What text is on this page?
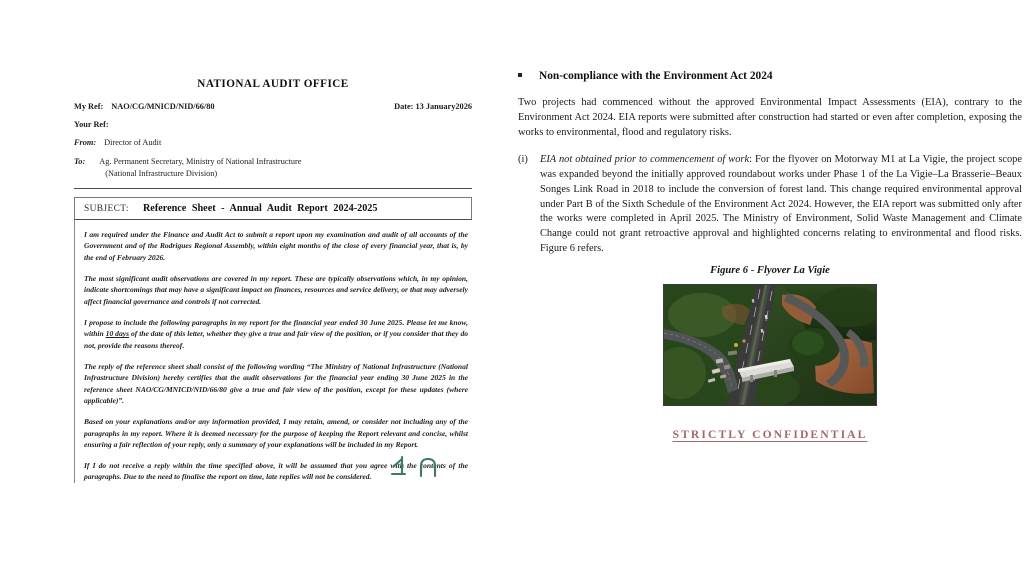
NATIONAL AUDIT OFFICE
My Ref: NAO/CG/MNICD/NID/66/80	Date: 13 January2026
Your Ref:
From: Director of Audit
To: Ag. Permanent Secretary, Ministry of National Infrastructure
(National Infrastructure Division)
SUBJECT: Reference Sheet - Annual Audit Report 2024-2025

I am required under the Finance and Audit Act to submit a report upon my examination and audit of all accounts of the Government and of the Rodrigues Regional Assembly, within eight months of the close of every financial year, that is, by the end of February 2026.

The most significant audit observations are covered in my report. These are typically observations which, in my opinion, indicate shortcomings that may have a significant impact on finances, resources and service delivery, or that may adversely affect financial governance and controls if not corrected.

I propose to include the following paragraphs in my report for the financial year ended 30 June 2025. Please let me know, within 10 days of the date of this letter, whether they give a true and fair view of the position, or if you consider that they do not, provide the reasons thereof.

The reply of the reference sheet shall consist of the following wording “The Ministry of National Infrastructure (National Infrastructure Division) hereby certifies that the audit observations for the financial year ending 30 June 2025 in the reference sheet NAO/CG/MNICD/NID/66/80 give a true and fair view of the position, except for these updates (where applicable)”.

Based on your explanations and/or any information provided, I may retain, amend, or consider not including any of the paragraphs in my report. Where it is deemed necessary for the purpose of keeping the Report relevant and concise, whilst ensuring a fair reflection of your reply, only a summary of your explanations will be included in my Report.

If I do not receive a reply within the time specified above, it will be assumed that you agree with the contents of the paragraphs. Due to the need to finalise the report on time, late replies will not be considered.

Non-compliance with the Environment Act 2024

Two projects had commenced without the approved Environmental Impact Assessments (EIA), contrary to the Environment Act 2024. EIA reports were submitted after construction had started or even after completion, exposing the works to environmental, flood and regulatory risks.

(i)	EIA not obtained prior to commencement of work: For the flyover on Motorway M1 at La Vigie, the project scope was expanded beyond the initially approved roundabout works under Phase 1 of the La Vigie–La Brasserie–Beaux Songes Link Road in 2018 to include the conversion of forest land. This change required environmental approval under Part B of the Sixth Schedule of the Environment Act 2024. However, the EIA report was submitted only after the works were completed in April 2025. The Ministry of Environment, Solid Waste Management and Climate Change could not grant retroactive approval and highlighted concerns relating to environmental and flood risks. Figure 6 refers.
Figure 6 - Flyover La Vigie
STRICTLY CONFIDENTIAL
